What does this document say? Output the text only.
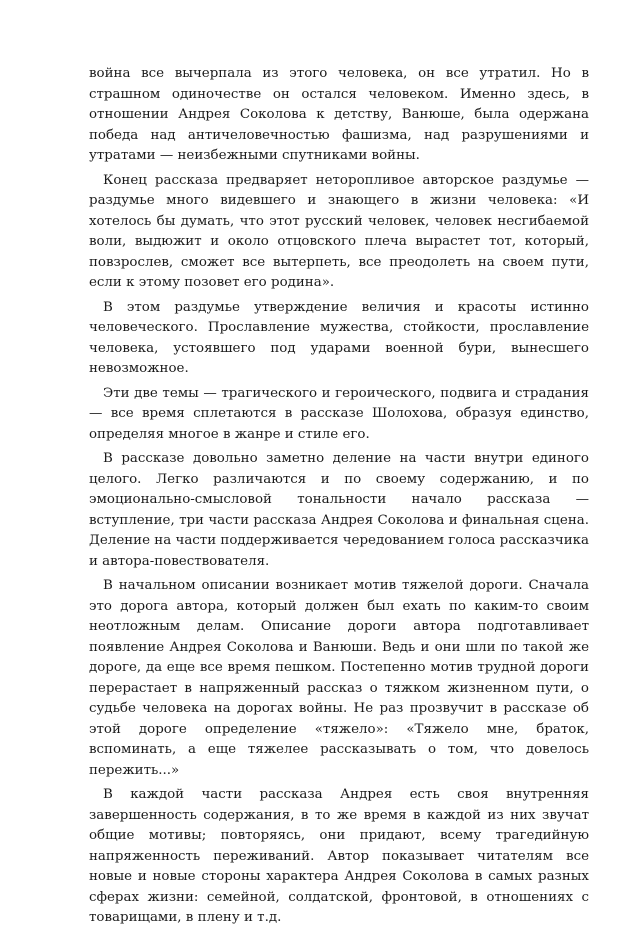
война все вычерпала из этого человека, он все утратил. Но в страшном одиночестве он остался человеком. Именно здесь, в отношении Андрея Соколова к детству, Ванюше, была одержана победа над античеловечностью фашизма, над разрушениями и утратами — неизбежными спутниками войны.

Конец рассказа предваряет неторопливое авторское раздумье — раздумье много видевшего и знающего в жизни человека: «И хотелось бы думать, что этот русский человек, человек несгибаемой воли, выдюжит и около отцовского плеча вырастет тот, который, повзрослев, сможет все вытерпеть, все преодолеть на своем пути, если к этому позовет его родина».

В этом раздумье утверждение величия и красоты истинно человеческого. Прославление мужества, стойкости, прославление человека, устоявшего под ударами военной бури, вынесшего невозможное.

Эти две темы — трагического и героического, подвига и страдания — все время сплетаются в рассказе Шолохова, образуя единство, определяя многое в жанре и стиле его.

В рассказе довольно заметно деление на части внутри единого целого. Легко различаются и по своему содержанию, и по эмоционально-смысловой тональности начало рассказа — вступление, три части рассказа Андрея Соколова и финальная сцена. Деление на части поддерживается чередованием голоса рассказчика и автора-повествователя.

В начальном описании возникает мотив тяжелой дороги. Сначала это дорога автора, который должен был ехать по каким-то своим неотложным делам. Описание дороги автора подготавливает появление Андрея Соколова и Ванюши. Ведь и они шли по такой же дороге, да еще все время пешком. Постепенно мотив трудной дороги перерастает в напряженный рассказ о тяжком жизненном пути, о судьбе человека на дорогах войны. Не раз прозвучит в рассказе об этой дороге определение «тяжело»: «Тяжело мне, браток, вспоминать, а еще тяжелее рассказывать о том, что довелось пережить...»

В каждой части рассказа Андрея есть своя внутренняя завершенность содержания, в то же время в каждой из них звучат общие мотивы; повторяясь, они придают, всему трагедийную напряженность переживаний. Автор показывает читателям все новые и новые стороны характера Андрея Соколова в самых разных сферах жизни: семейной, солдатской, фронтовой, в отношениях с товарищами, в плену и т.д.
